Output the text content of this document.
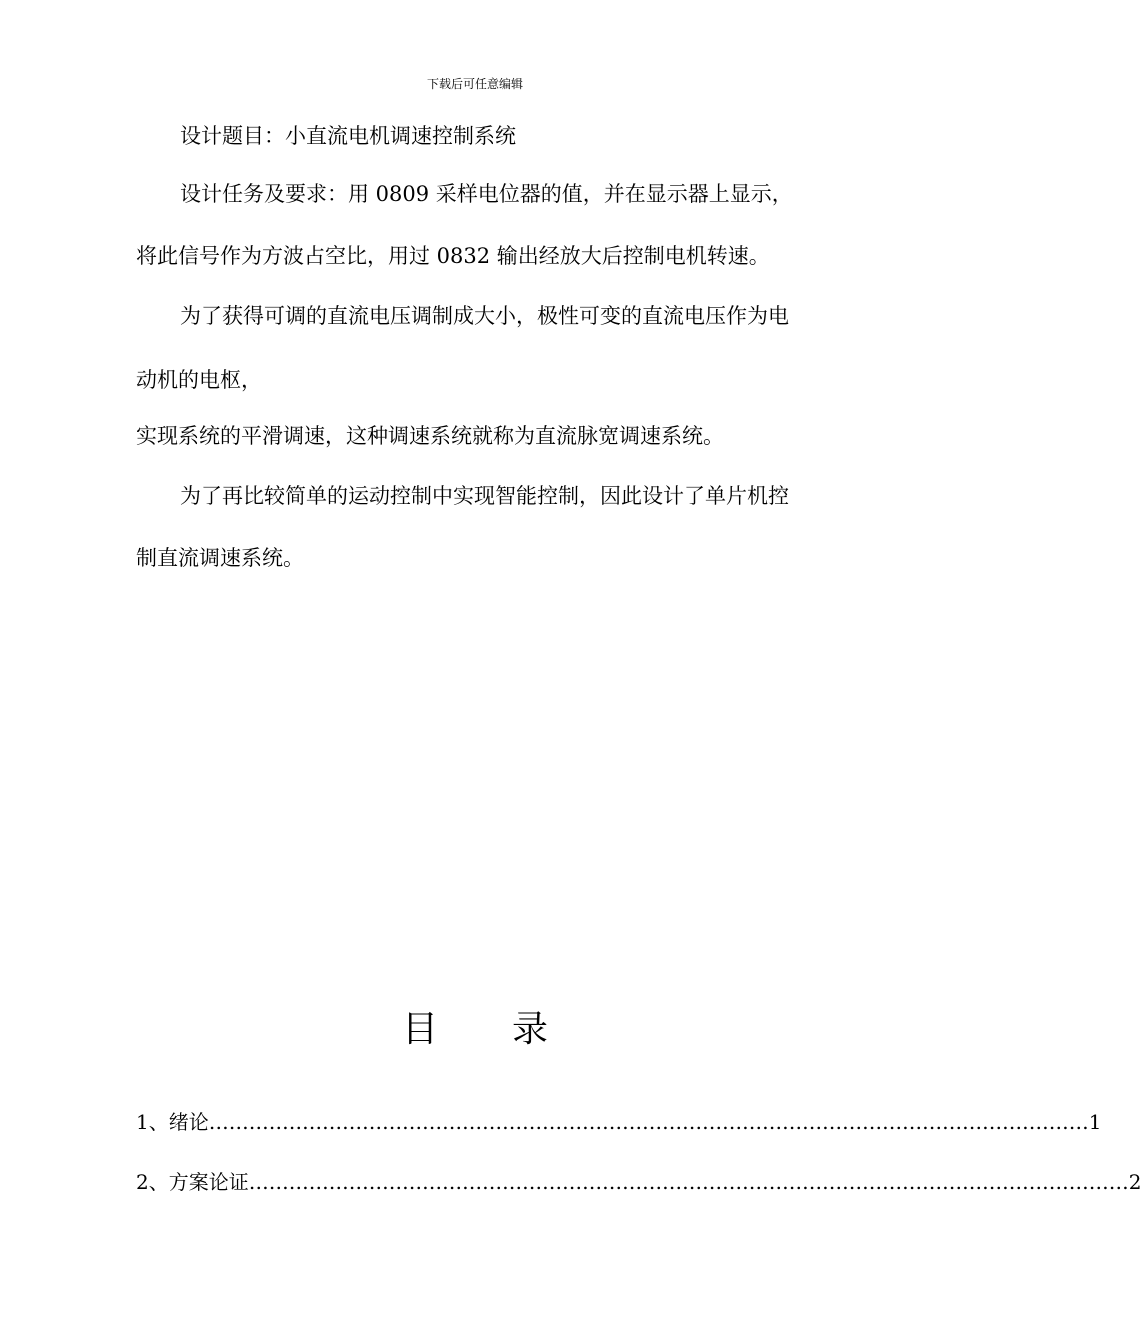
下载后可任意编辑
设计题目：小直流电机调速控制系统
设计任务及要求：用 0809 采样电位器的值，并在显示器上显示，
将此信号作为方波占空比，用过 0832 输出经放大后控制电机转速。
为了获得可调的直流电压调制成大小，极性可变的直流电压作为电
动机的电枢，
实现系统的平滑调速，这种调速系统就称为直流脉宽调速系统。
为了再比较简单的运动控制中实现智能控制，因此设计了单片机控
制直流调速系统。
目 录
1、绪论 …………………………………………………………………………………………………………………… 1
2、方案论证 …………………………………………………………………………………………………………………… 2
